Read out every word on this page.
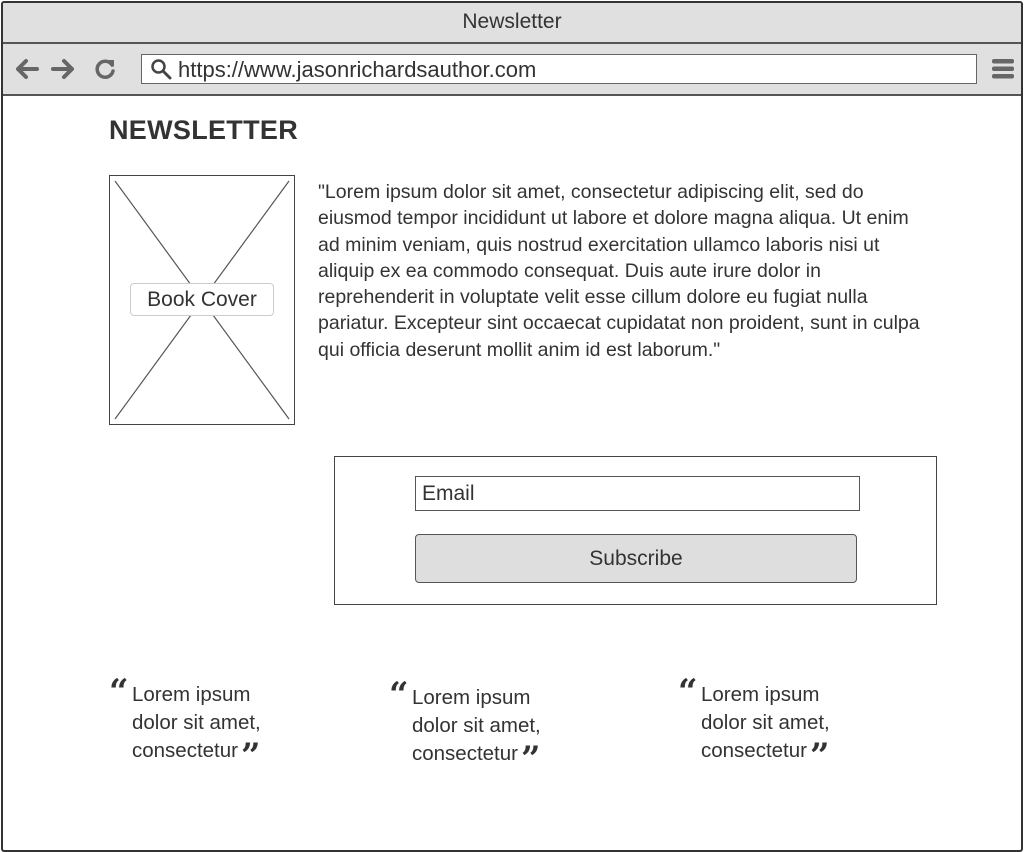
Newsletter
https://www.jasonrichardsauthor.com
NEWSLETTER
Book Cover
"Lorem ipsum dolor sit amet, consectetur adipiscing elit, sed do eiusmod tempor incididunt ut labore et dolore magna aliqua. Ut enim ad minim veniam, quis nostrud exercitation ullamco laboris nisi ut aliquip ex ea commodo consequat. Duis aute irure dolor in reprehenderit in voluptate velit esse cillum dolore eu fugiat nulla pariatur. Excepteur sint occaecat cupidatat non proident, sunt in culpa qui officia deserunt mollit anim id est laborum."
Email
Subscribe
“ Lorem ipsum
dolor sit amet,
consectetur”
“ Lorem ipsum
dolor sit amet,
consectetur”
“ Lorem ipsum
dolor sit amet,
consectetur”
